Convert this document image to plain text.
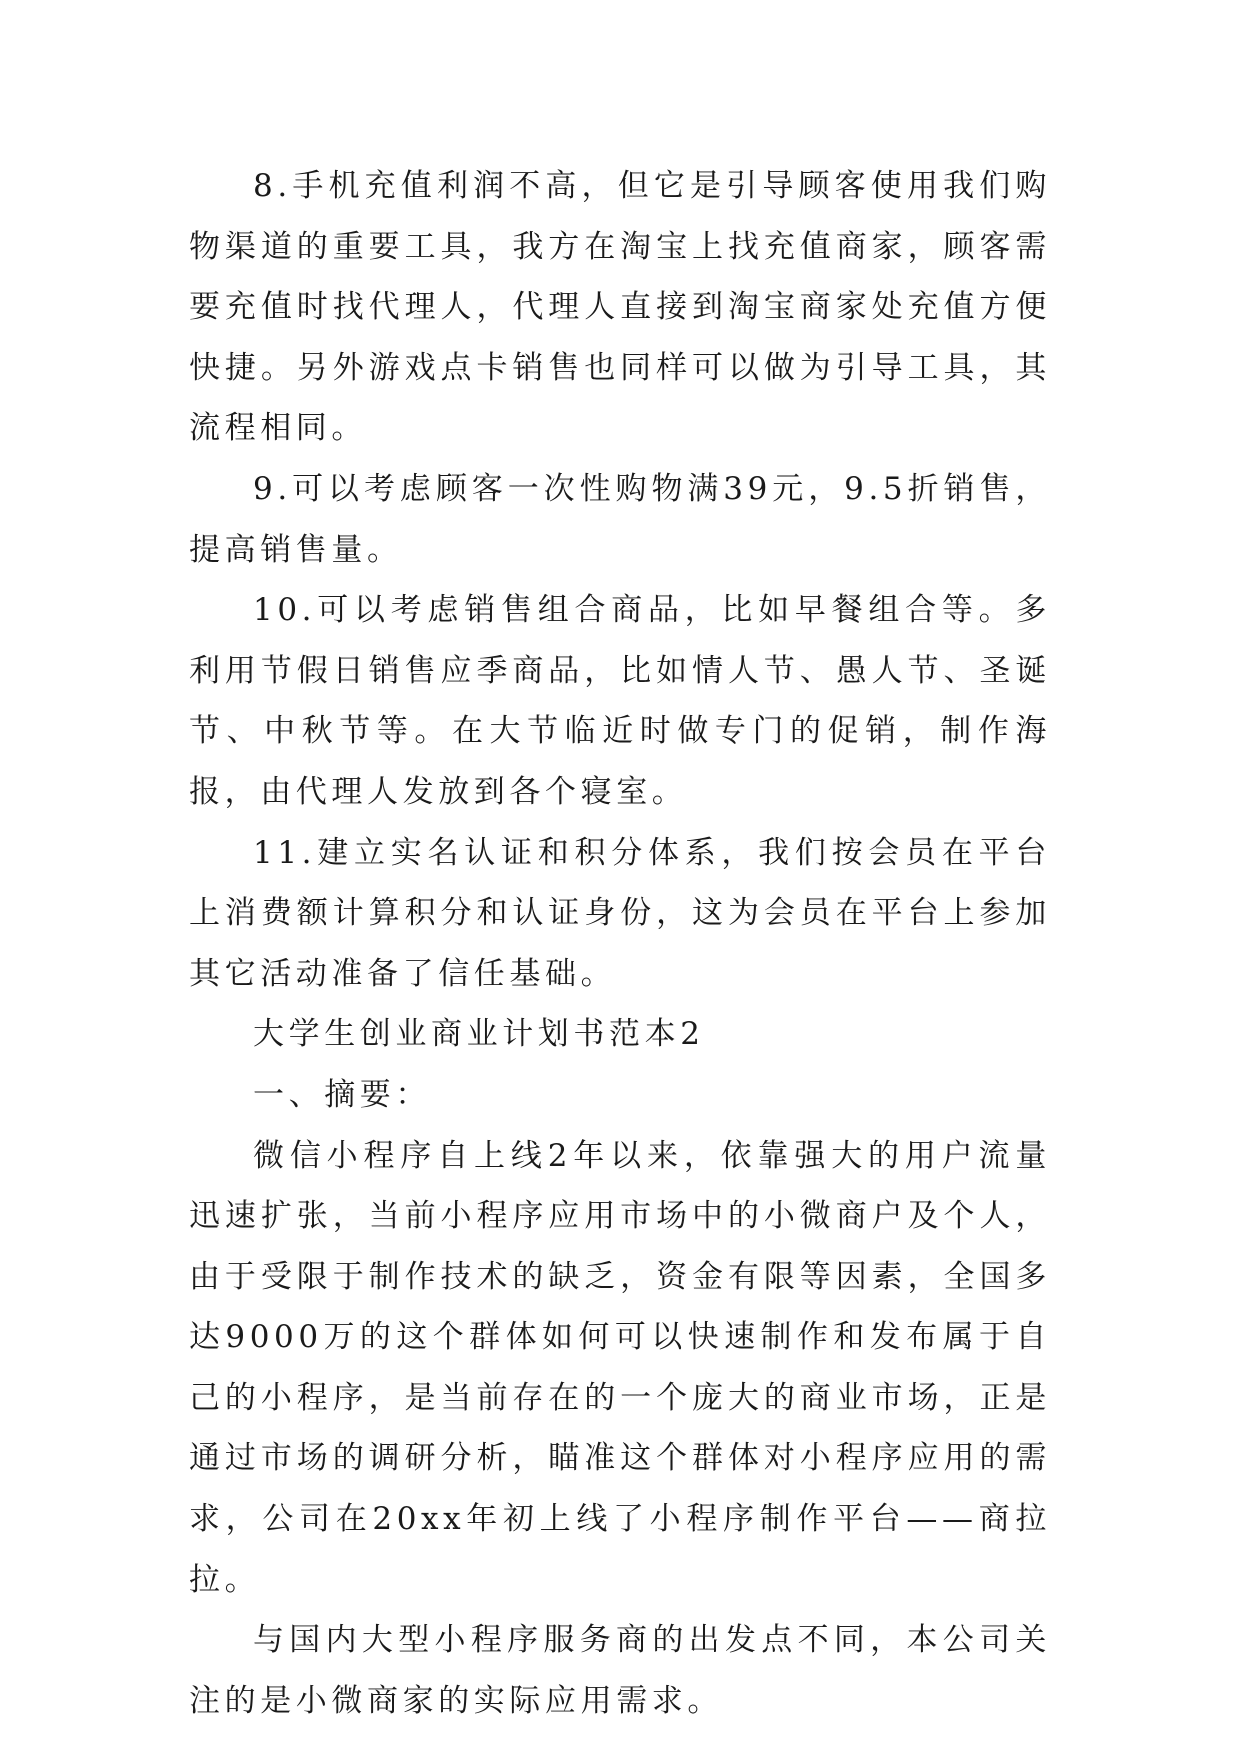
8.手机充值利润不高，但它是引导顾客使用我们购物渠道的重要工具，我方在淘宝上找充值商家，顾客需要充值时找代理人，代理人直接到淘宝商家处充值方便快捷。另外游戏点卡销售也同样可以做为引导工具，其流程相同。

9.可以考虑顾客一次性购物满39元，9.5折销售，提高销售量。

10.可以考虑销售组合商品，比如早餐组合等。多利用节假日销售应季商品，比如情人节、愚人节、圣诞节、中秋节等。在大节临近时做专门的促销，制作海报，由代理人发放到各个寝室。

11.建立实名认证和积分体系，我们按会员在平台上消费额计算积分和认证身份，这为会员在平台上参加其它活动准备了信任基础。

大学生创业商业计划书范本2

一、摘要：

微信小程序自上线2年以来，依靠强大的用户流量迅速扩张，当前小程序应用市场中的小微商户及个人，由于受限于制作技术的缺乏，资金有限等因素，全国多达9000万的这个群体如何可以快速制作和发布属于自己的小程序，是当前存在的一个庞大的商业市场，正是通过市场的调研分析，瞄准这个群体对小程序应用的需求，公司在20xx年初上线了小程序制作平台——商拉拉。

与国内大型小程序服务商的出发点不同，本公司关注的是小微商家的实际应用需求。
